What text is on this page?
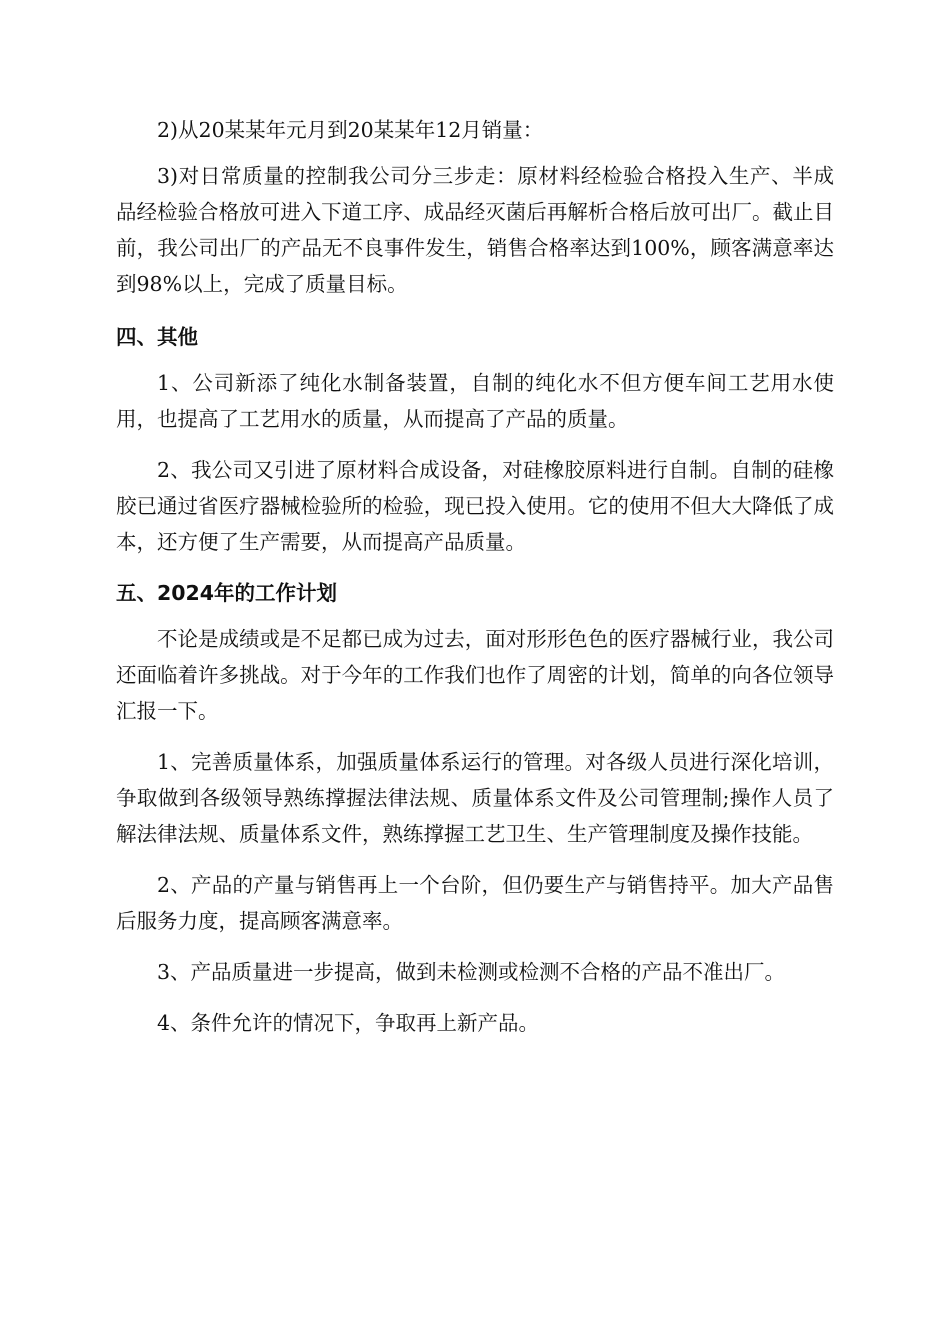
2)从20某某年元月到20某某年12月销量：

3)对日常质量的控制我公司分三步走：原材料经检验合格投入生产、半成品经检验合格放可进入下道工序、成品经灭菌后再解析合格后放可出厂。截止目前，我公司出厂的产品无不良事件发生，销售合格率达到100%，顾客满意率达到98%以上，完成了质量目标。

四、其他

1、公司新添了纯化水制备装置，自制的纯化水不但方便车间工艺用水使用，也提高了工艺用水的质量，从而提高了产品的质量。

2、我公司又引进了原材料合成设备，对硅橡胶原料进行自制。自制的硅橡胶已通过省医疗器械检验所的检验，现已投入使用。它的使用不但大大降低了成本，还方便了生产需要，从而提高产品质量。

五、2024年的工作计划

不论是成绩或是不足都已成为过去，面对形形色色的医疗器械行业，我公司还面临着许多挑战。对于今年的工作我们也作了周密的计划，简单的向各位领导汇报一下。

1、完善质量体系，加强质量体系运行的管理。对各级人员进行深化培训，争取做到各级领导熟练撑握法律法规、质量体系文件及公司管理制;操作人员了解法律法规、质量体系文件，熟练撑握工艺卫生、生产管理制度及操作技能。

2、产品的产量与销售再上一个台阶，但仍要生产与销售持平。加大产品售后服务力度，提高顾客满意率。

3、产品质量进一步提高，做到未检测或检测不合格的产品不准出厂。

4、条件允许的情况下，争取再上新产品。
